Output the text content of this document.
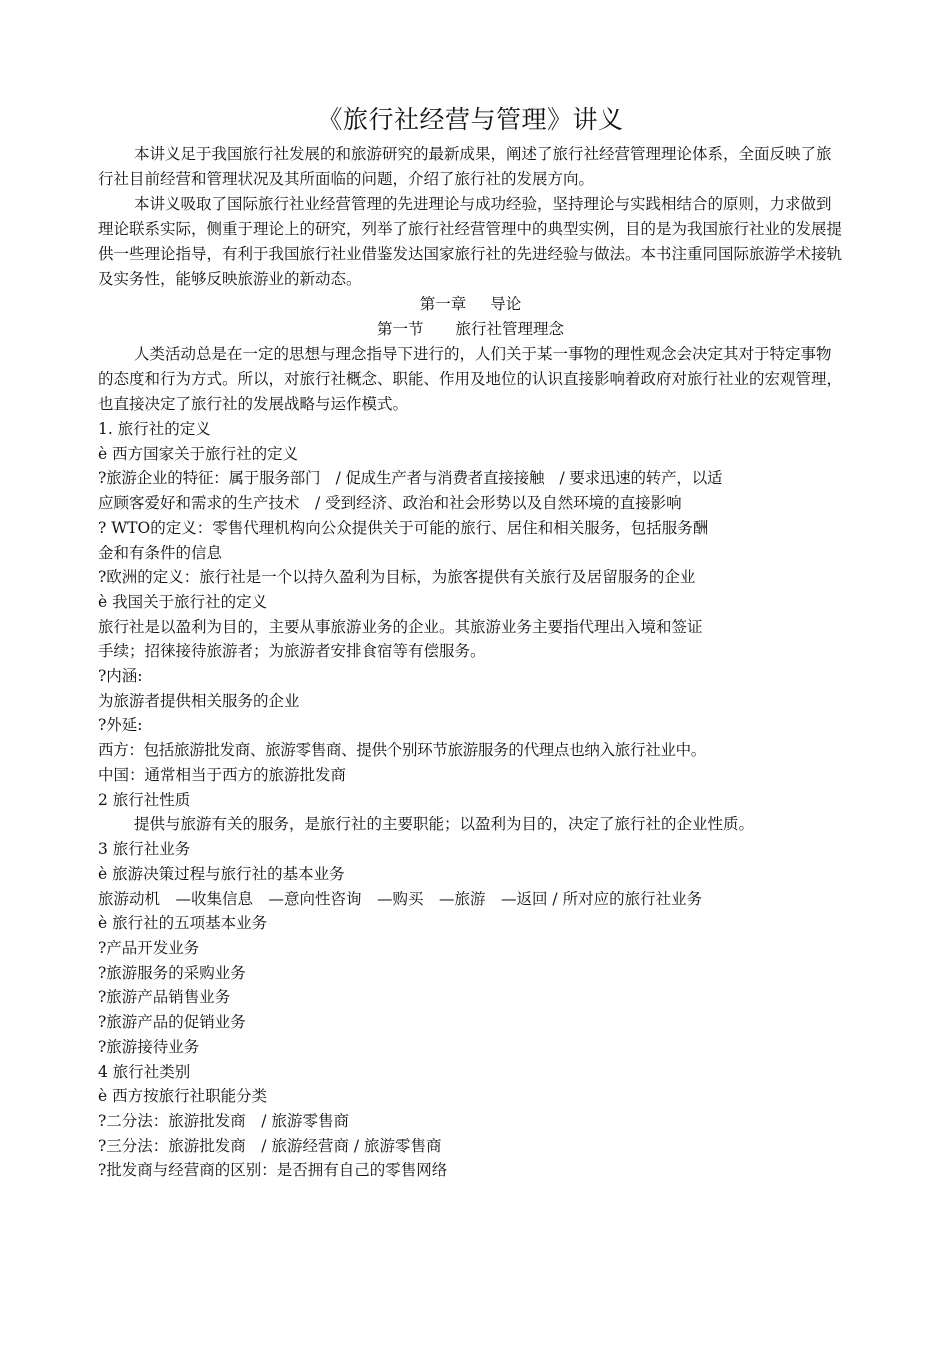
《旅行社经营与管理》讲义

本讲义足于我国旅行社发展的和旅游研究的最新成果，阐述了旅行社经营管理理论体系，全面反映了旅行社目前经营和管理状况及其所面临的问题，介绍了旅行社的发展方向。

本讲义吸取了国际旅行社业经营管理的先进理论与成功经验，坚持理论与实践相结合的原则，力求做到理论联系实际，侧重于理论上的研究，列举了旅行社经营管理中的典型实例，目的是为我国旅行社业的发展提供一些理论指导，有利于我国旅行社业借鉴发达国家旅行社的先进经验与做法。本书注重同国际旅游学术接轨及实务性，能够反映旅游业的新动态。

第一章 导论

第一节 旅行社管理理念

人类活动总是在一定的思想与理念指导下进行的，人们关于某一事物的理性观念会决定其对于特定事物的态度和行为方式。所以，对旅行社概念、职能、作用及地位的认识直接影响着政府对旅行社业的宏观管理，也直接决定了旅行社的发展战略与运作模式。

1. 旅行社的定义

è 西方国家关于旅行社的定义

?旅游企业的特征：属于服务部门　/ 促成生产者与消费者直接接触　/ 要求迅速的转产，以适

应顾客爱好和需求的生产技术　/ 受到经济、政治和社会形势以及自然环境的直接影响

? WTO的定义：零售代理机构向公众提供关于可能的旅行、居住和相关服务，包括服务酬

金和有条件的信息

?欧洲的定义：旅行社是一个以持久盈利为目标，为旅客提供有关旅行及居留服务的企业

è 我国关于旅行社的定义

旅行社是以盈利为目的，主要从事旅游业务的企业。其旅游业务主要指代理出入境和签证

手续；招徕接待旅游者；为旅游者安排食宿等有偿服务。

?内涵:

为旅游者提供相关服务的企业

?外延:

西方：包括旅游批发商、旅游零售商、提供个别环节旅游服务的代理点也纳入旅行社业中。

中国：通常相当于西方的旅游批发商

2 旅行社性质

提供与旅游有关的服务，是旅行社的主要职能；以盈利为目的，决定了旅行社的企业性质。

3 旅行社业务

è 旅游决策过程与旅行社的基本业务

旅游动机　—收集信息　—意向性咨询　—购买　—旅游　—返回 / 所对应的旅行社业务

è 旅行社的五项基本业务

?产品开发业务

?旅游服务的采购业务

?旅游产品销售业务

?旅游产品的促销业务

?旅游接待业务

4 旅行社类别

è 西方按旅行社职能分类

?二分法：旅游批发商　/ 旅游零售商

?三分法：旅游批发商　/ 旅游经营商 / 旅游零售商

?批发商与经营商的区别：是否拥有自己的零售网络
